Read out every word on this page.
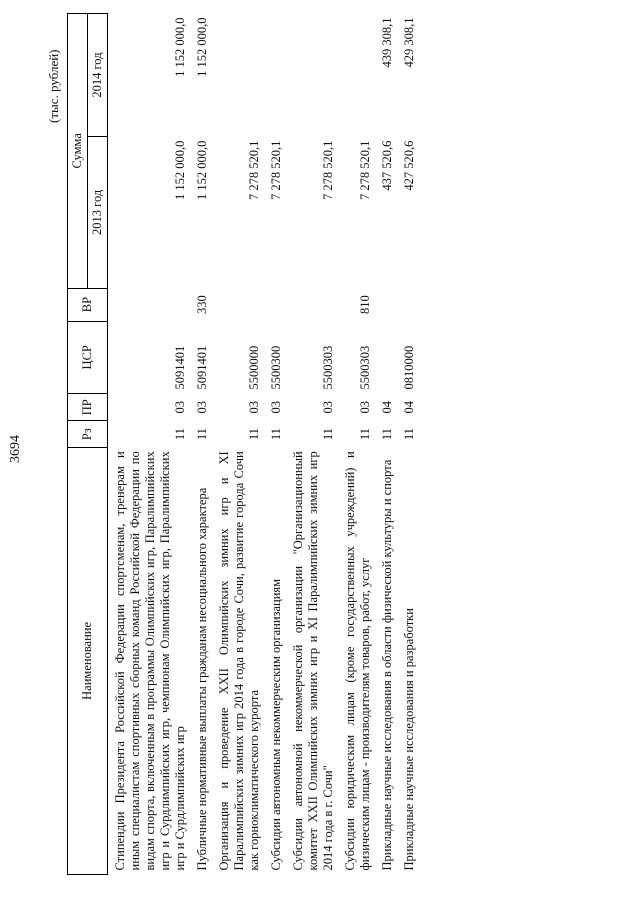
3694
(тыс. рублей)
Наименование	Рз	ПР	ЦСР	ВР	Сумма	
					2013 год	2014 год
Стипендии Президента Российской Федерации спортсменам, тренерам и иным специалистам спортивных сборных команд Российской Федерации по видам спорта, включенным в программы Олимпийских игр, Паралимпийских игр и Сурдлимпийских игр, чемпионам Олимпийских игр, Паралимпийских игр и Сурдлимпийских игр	11	03	5091401		1 152 000,0	1 152 000,0
Публичные нормативные выплаты гражданам несоциального характера	11	03	5091401	330	1 152 000,0	1 152 000,0
Организация и проведение XXII Олимпийских зимних игр и XI Паралимпийских зимних игр 2014 года в городе Сочи, развитие города Сочи как горноклиматического курорта	11	03	5500000		7 278 520,1	
Субсидии автономным некоммерческим организациям	11	03	5500300		7 278 520,1	
Субсидии автономной некоммерческой организации "Организационный комитет XXII Олимпийских зимних игр и XI Паралимпийских зимних игр 2014 года в г. Сочи"	11	03	5500303		7 278 520,1	
Субсидии юридическим лицам (кроме государственных учреждений) и физическим лицам - производителям товаров, работ, услуг	11	03	5500303	810	7 278 520,1	
Прикладные научные исследования в области физической культуры и спорта	11	04			437 520,6	439 308,1
Прикладные научные исследования и разработки	11	04	0810000		427 520,6	429 308,1
